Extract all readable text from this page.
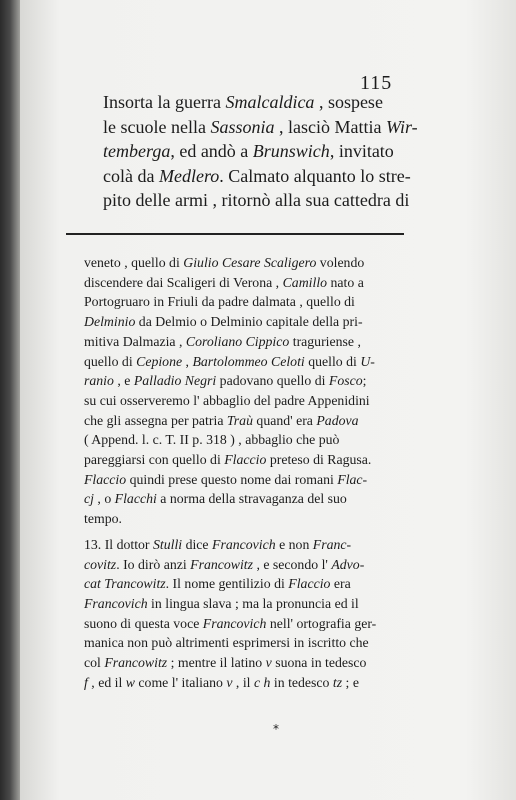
115
Insorta la guerra Smalcaldica , sospese
le scuole nella Sassonia , lasciò Mattia Wir-
temberga, ed andò a Brunswich, invitato
colà da Medlero. Calmato alquanto lo stre-
pito delle armi , ritornò alla sua cattedra di
veneto , quello di Giulio Cesare Scaligero volendo
discendere dai Scaligeri di Verona , Camillo nato a
Portogruaro in Friuli da padre dalmata , quello di
Delminio da Delmio o Delminio capitale della pri-
mitiva Dalmazia , Coroliano Cippico traguriense ,
quello di Cepione , Bartolommeo Celoti quello di U-
ranio , e Palladio Negri padovano quello di Fosco;
su cui osserveremo l' abbaglio del padre Appenidini
che gli assegna per patria Traù quand' era Padova
( Append. l. c. T. II p. 318 ) , abbaglio che può
pareggiarsi con quello di Flaccio preteso di Ragusa.
Flaccio quindi prese questo nome dai romani Flac-
cj , o Flacchi a norma della stravaganza del suo
tempo.
13. Il dottor Stulli dice Francovich e non Franc-
covitz. Io dirò anzi Francowitz , e secondo l' Advo-
cat Trancowitz. Il nome gentilizio di Flaccio era
Francovich in lingua slava ; ma la pronuncia ed il
suono di questa voce Francovich nell' ortografia ger-
manica non può altrimenti esprimersi in iscritto che
col Francowitz ; mentre il latino v suona in tedesco
f , ed il w come l' italiano v , il c h in tedesco tz ; e
*
